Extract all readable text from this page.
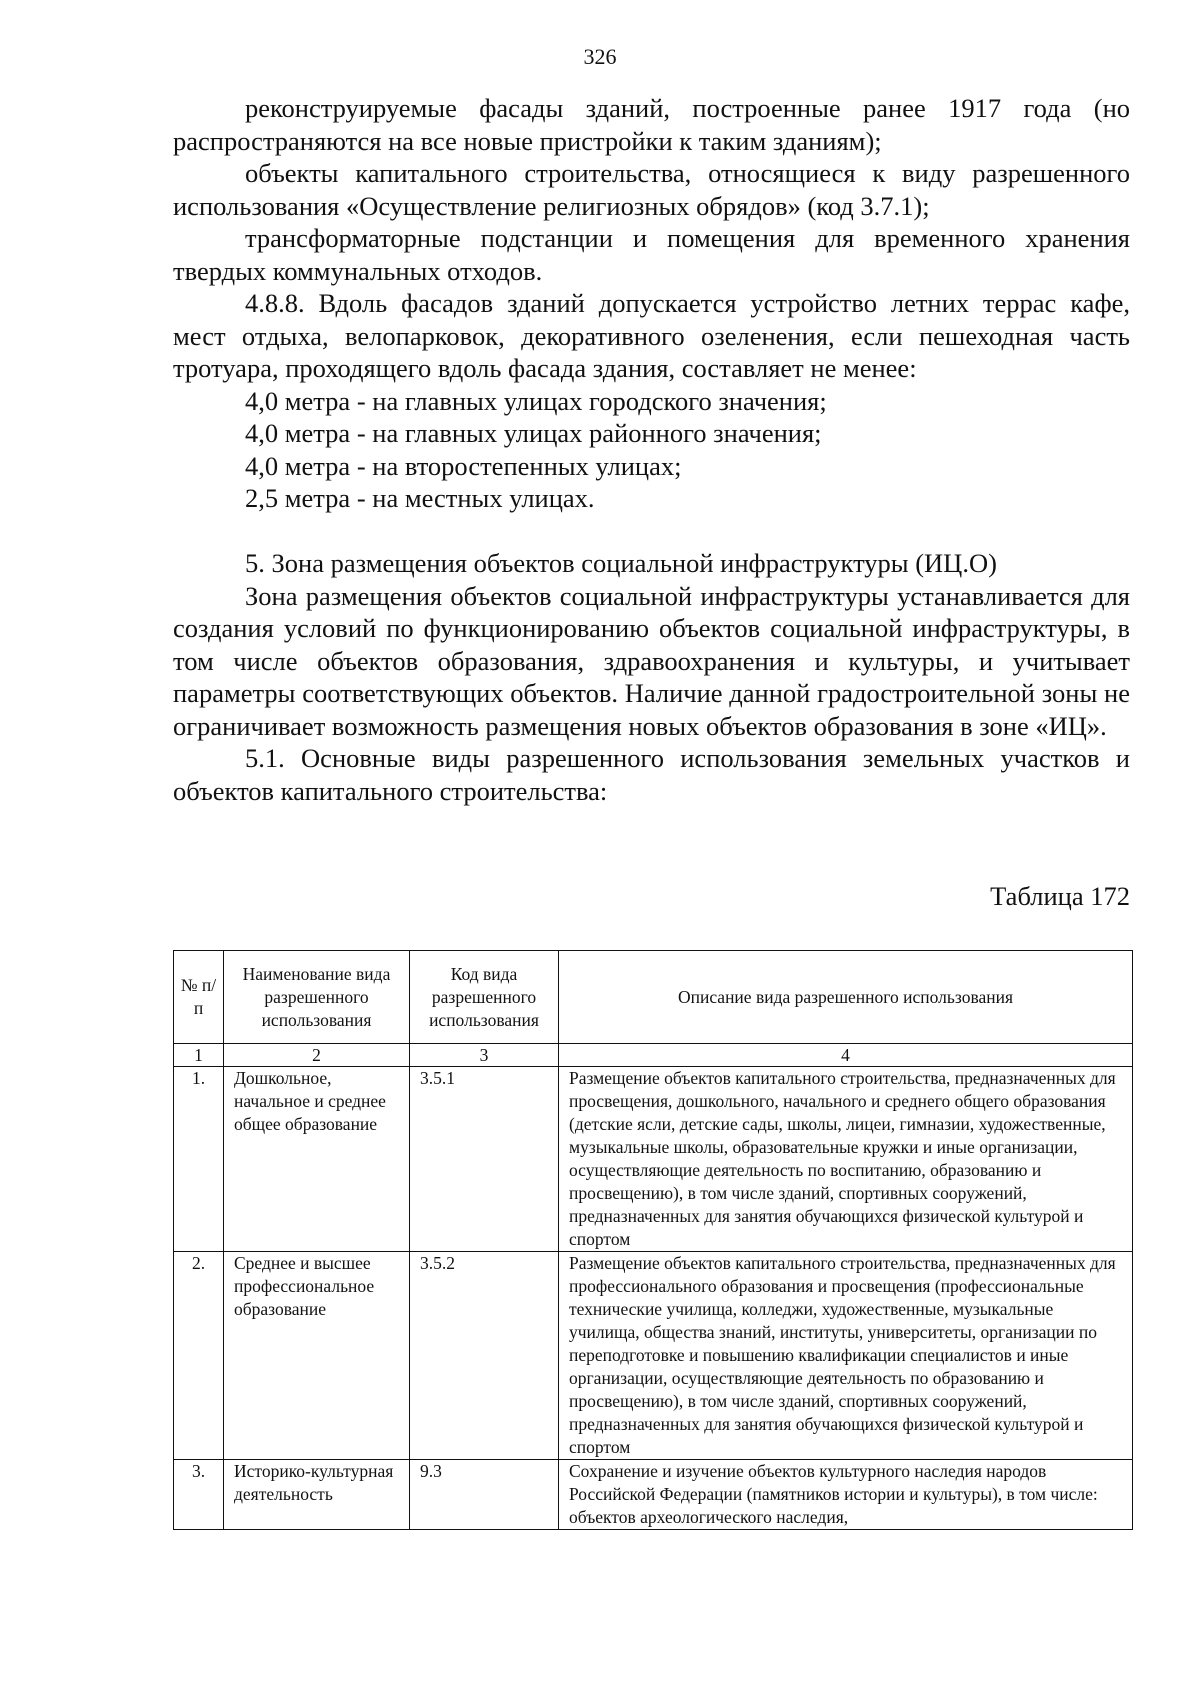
326

реконструируемые фасады зданий, построенные ранее 1917 года (но распространяются на все новые пристройки к таким зданиям);

объекты капитального строительства, относящиеся к виду разрешенного использования «Осуществление религиозных обрядов» (код 3.7.1);

трансформаторные подстанции и помещения для временного хранения твердых коммунальных отходов.

4.8.8. Вдоль фасадов зданий допускается устройство летних террас кафе, мест отдыха, велопарковок, декоративного озеленения, если пешеходная часть тротуара, проходящего вдоль фасада здания, составляет не менее:

4,0 метра - на главных улицах городского значения;

4,0 метра - на главных улицах районного значения;

4,0 метра - на второстепенных улицах;

2,5 метра - на местных улицах.

5. Зона размещения объектов социальной инфраструктуры (ИЦ.О)

Зона размещения объектов социальной инфраструктуры устанавливается для создания условий по функционированию объектов социальной инфраструктуры, в том числе объектов образования, здравоохранения и культуры, и учитывает параметры соответствующих объектов. Наличие данной градостроительной зоны не ограничивает возможность размещения новых объектов образования в зоне «ИЦ».

5.1. Основные виды разрешенного использования земельных участков и объектов капитального строительства:

Таблица 172
№ п/п	Наименование вида разрешенного использования	Код вида разрешенного использования	Описание вида разрешенного использования
1	2	3	4
1.	Дошкольное, начальное и среднее общее образование	3.5.1	Размещение объектов капитального строительства, предназначенных для просвещения, дошкольного, начального и среднего общего образования (детские ясли, детские сады, школы, лицеи, гимназии, художественные, музыкальные школы, образовательные кружки и иные организации, осуществляющие деятельность по воспитанию, образованию и просвещению), в том числе зданий, спортивных сооружений, предназначенных для занятия обучающихся физической культурой и спортом
2.	Среднее и высшее профессиональное образование	3.5.2	Размещение объектов капитального строительства, предназначенных для профессионального образования и просвещения (профессиональные технические училища, колледжи, художественные, музыкальные училища, общества знаний, институты, университеты, организации по переподготовке и повышению квалификации специалистов и иные организации, осуществляющие деятельность по образованию и просвещению), в том числе зданий, спортивных сооружений, предназначенных для занятия обучающихся физической культурой и спортом
3.	Историко-культурная деятельность	9.3	Сохранение и изучение объектов культурного наследия народов Российской Федерации (памятников истории и культуры), в том числе: объектов археологического наследия,
